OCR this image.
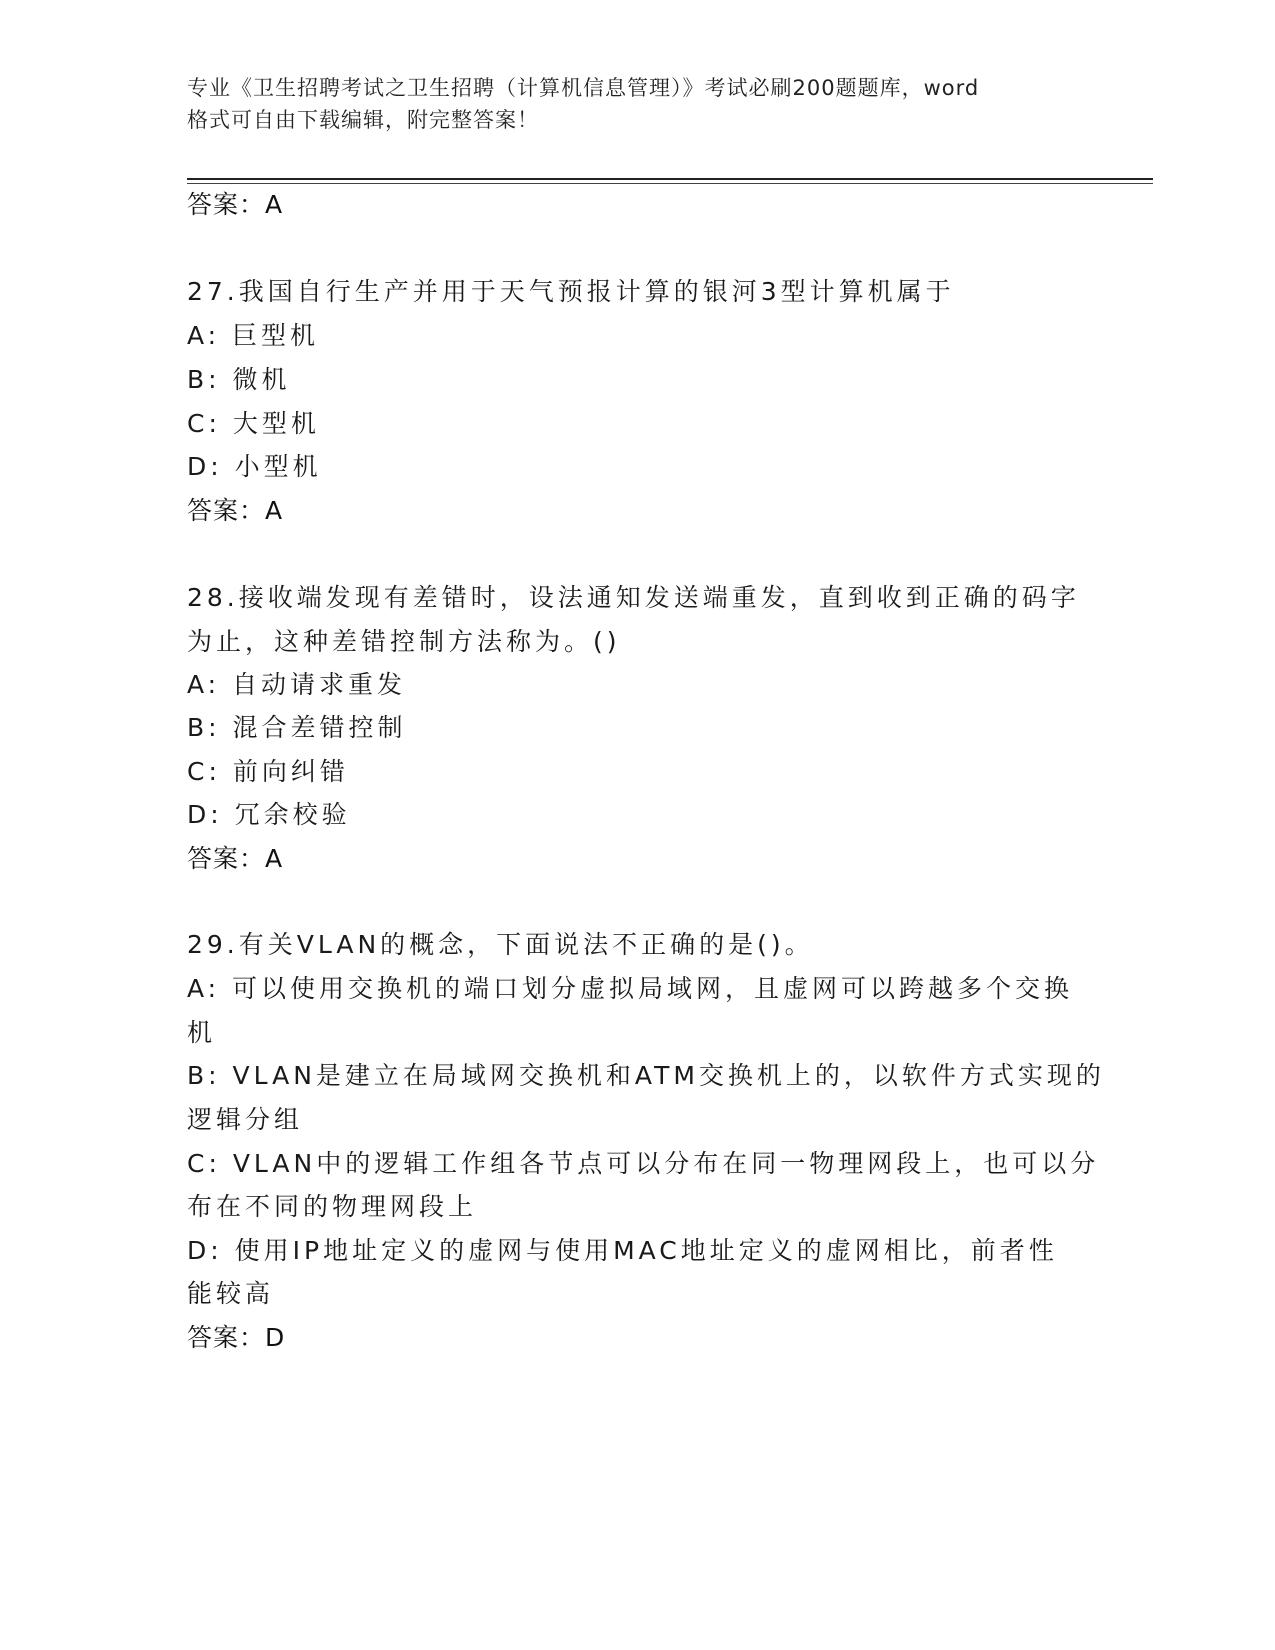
专业《卫生招聘考试之卫生招聘（计算机信息管理）》考试必刷200题题库，word
格式可自由下载编辑，附完整答案！
答案：A
27.我国自行生产并用于天气预报计算的银河3型计算机属于
A: 巨型机
B: 微机
C: 大型机
D: 小型机
答案：A
28.接收端发现有差错时，设法通知发送端重发，直到收到正确的码字
为止，这种差错控制方法称为。()
A: 自动请求重发
B: 混合差错控制
C: 前向纠错
D: 冗余校验
答案：A
29.有关VLAN的概念，下面说法不正确的是()。
A: 可以使用交换机的端口划分虚拟局域网，且虚网可以跨越多个交换
机
B: VLAN是建立在局域网交换机和ATM交换机上的，以软件方式实现的
逻辑分组
C: VLAN中的逻辑工作组各节点可以分布在同一物理网段上，也可以分
布在不同的物理网段上
D: 使用IP地址定义的虚网与使用MAC地址定义的虚网相比，前者性
能较高
答案：D
